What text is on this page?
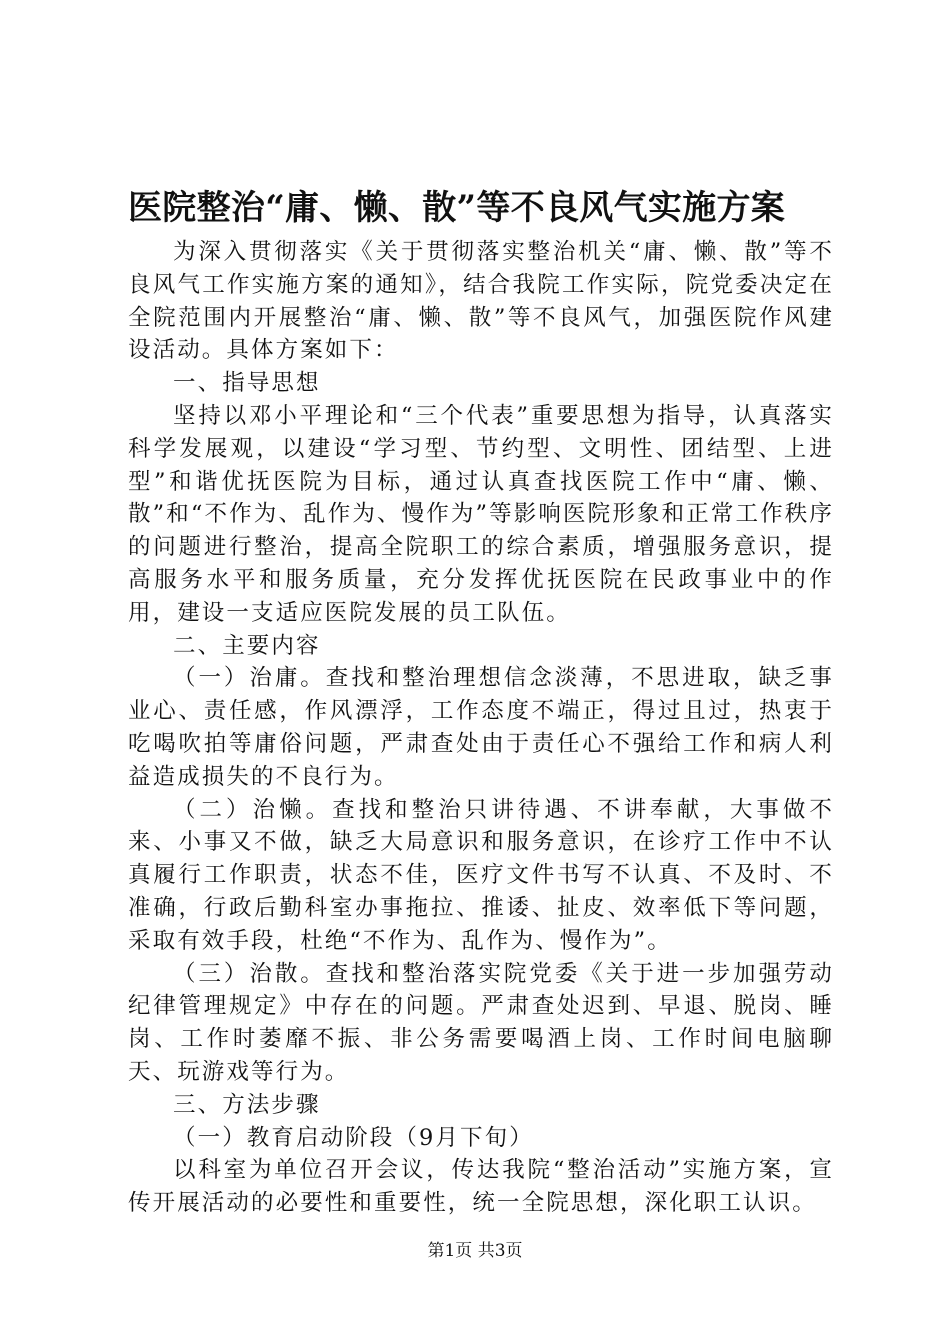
医院整治“庸、懒、散”等不良风气实施方案

为深入贯彻落实《关于贯彻落实整治机关“庸、懒、散”等不良风气工作实施方案的通知》，结合我院工作实际，院党委决定在全院范围内开展整治“庸、懒、散”等不良风气，加强医院作风建设活动。具体方案如下：

一、指导思想

坚持以邓小平理论和“三个代表”重要思想为指导，认真落实科学发展观，以建设“学习型、节约型、文明性、团结型、上进型”和谐优抚医院为目标，通过认真查找医院工作中“庸、懒、散”和“不作为、乱作为、慢作为”等影响医院形象和正常工作秩序的问题进行整治，提高全院职工的综合素质，增强服务意识，提高服务水平和服务质量，充分发挥优抚医院在民政事业中的作用，建设一支适应医院发展的员工队伍。

二、主要内容

（一）治庸。查找和整治理想信念淡薄，不思进取，缺乏事业心、责任感，作风漂浮，工作态度不端正，得过且过，热衷于吃喝吹拍等庸俗问题，严肃查处由于责任心不强给工作和病人利益造成损失的不良行为。

（二）治懒。查找和整治只讲待遇、不讲奉献，大事做不来、小事又不做，缺乏大局意识和服务意识，在诊疗工作中不认真履行工作职责，状态不佳，医疗文件书写不认真、不及时、不准确，行政后勤科室办事拖拉、推诿、扯皮、效率低下等问题，采取有效手段，杜绝“不作为、乱作为、慢作为”。

（三）治散。查找和整治落实院党委《关于进一步加强劳动纪律管理规定》中存在的问题。严肃查处迟到、早退、脱岗、睡岗、工作时萎靡不振、非公务需要喝酒上岗、工作时间电脑聊天、玩游戏等行为。

三、方法步骤

（一）教育启动阶段（9月下旬）

以科室为单位召开会议，传达我院“整治活动”实施方案，宣传开展活动的必要性和重要性，统一全院思想，深化职工认识。

第1页 共3页
